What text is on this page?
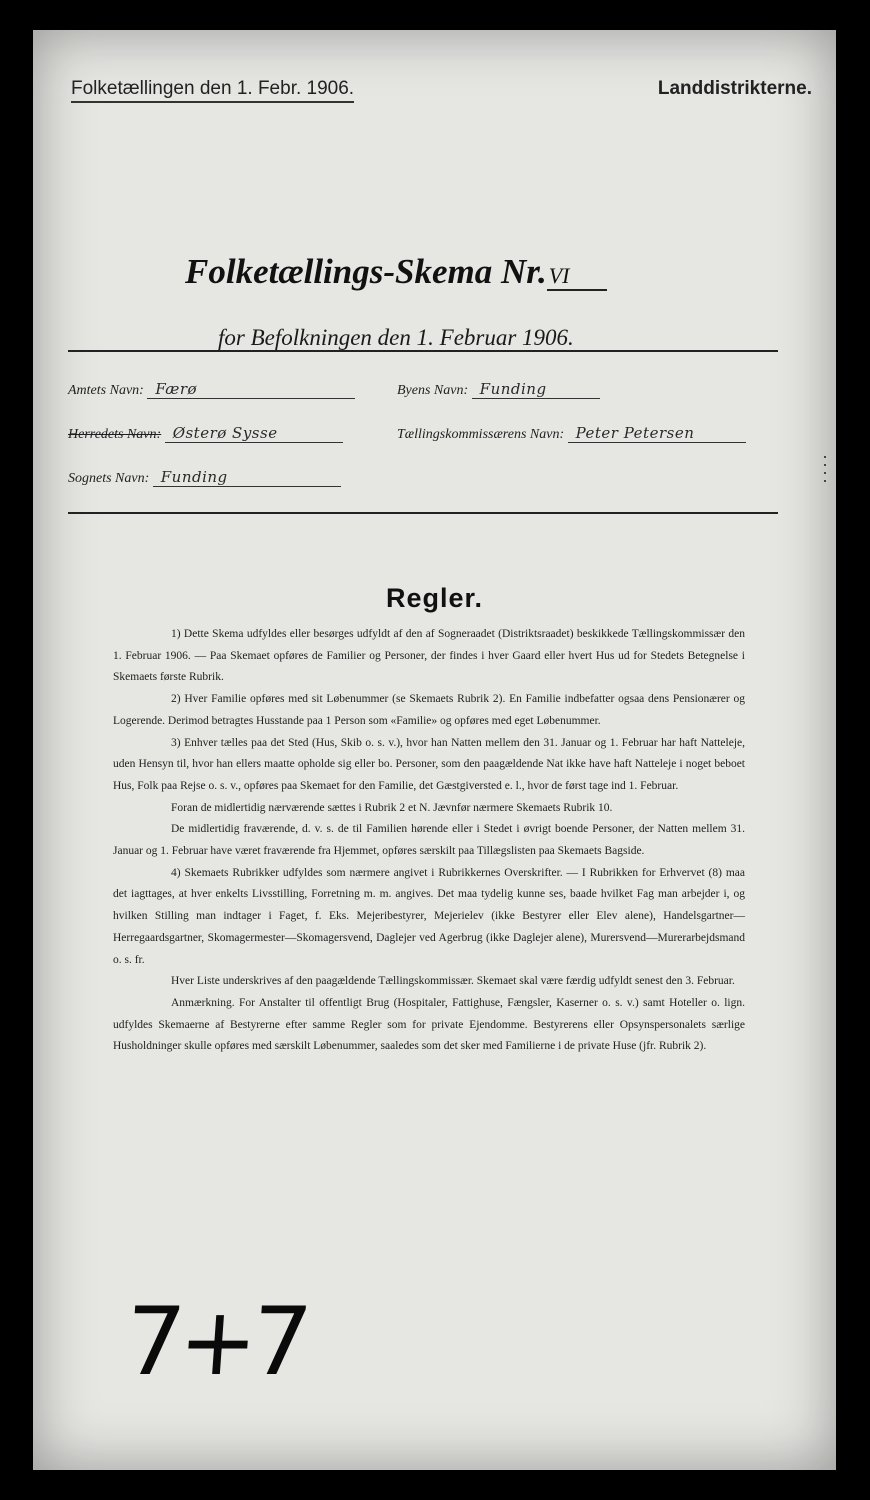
Folketællingen den 1. Febr. 1906.	Landdistrikterne.
Folketællings-Skema Nr.VI
for Befolkningen den 1. Februar 1906.
Amtets Navn: Færø	Byens Navn: Funding
Herredets Navn: Østerø Sysse	Tællingskommissærens Navn: Peter Petersen
Sognets Navn: Funding
Regler.

1) Dette Skema udfyldes eller besørges udfyldt af den af Sogneraadet (Distriktsraadet) beskikkede Tællingskommissær den 1. Februar 1906. — Paa Skemaet opføres de Familier og Personer, der findes i hver Gaard eller hvert Hus ud for Stedets Betegnelse i Skemaets første Rubrik.

2) Hver Familie opføres med sit Løbenummer (se Skemaets Rubrik 2). En Familie indbefatter ogsaa dens Pensionærer og Logerende. Derimod betragtes Husstande paa 1 Person som «Familie» og opføres med eget Løbenummer.

3) Enhver tælles paa det Sted (Hus, Skib o. s. v.), hvor han Natten mellem den 31. Januar og 1. Februar har haft Natteleje, uden Hensyn til, hvor han ellers maatte opholde sig eller bo. Personer, som den paagældende Nat ikke have haft Natteleje i noget beboet Hus, Folk paa Rejse o. s. v., opføres paa Skemaet for den Familie, det Gæstgiversted e. l., hvor de først tage ind 1. Februar.

Foran de midlertidig nærværende sættes i Rubrik 2 et N. Jævnfør nærmere Skemaets Rubrik 10.

De midlertidig fraværende, d. v. s. de til Familien hørende eller i Stedet i øvrigt boende Personer, der Natten mellem 31. Januar og 1. Februar have været fraværende fra Hjemmet, opføres særskilt paa Tillægslisten paa Skemaets Bagside.

4) Skemaets Rubrikker udfyldes som nærmere angivet i Rubrikkernes Overskrifter. — I Rubrikken for Erhvervet (8) maa det iagttages, at hver enkelts Livsstilling, Forretning m. m. angives. Det maa tydelig kunne ses, baade hvilket Fag man arbejder i, og hvilken Stilling man indtager i Faget, f. Eks. Mejeribestyrer, Mejerielev (ikke Bestyrer eller Elev alene), Handelsgartner—Herregaardsgartner, Skomagermester—Skomagersvend, Daglejer ved Agerbrug (ikke Daglejer alene), Murersvend—Murerarbejdsmand o. s. fr.

Hver Liste underskrives af den paagældende Tællingskommissær. Skemaet skal være færdig udfyldt senest den 3. Februar.

Anmærkning. For Anstalter til offentligt Brug (Hospitaler, Fattighuse, Fængsler, Kaserner o. s. v.) samt Hoteller o. lign. udfyldes Skemaerne af Bestyrerne efter samme Regler som for private Ejendomme. Bestyrerens eller Opsynspersonalets særlige Husholdninger skulle opføres med særskilt Løbenummer, saaledes som det sker med Familierne i de private Huse (jfr. Rubrik 2).

7+7
